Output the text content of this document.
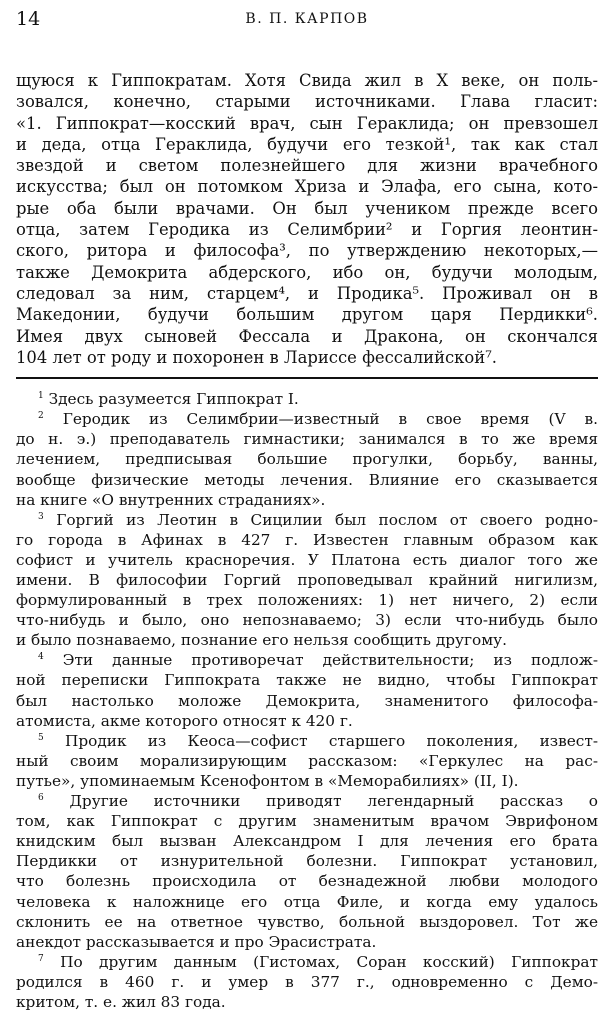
14	В. П. КАРПОВ
щуюся к Гиппократам. Хотя Свида жил в X веке, он поль-
зовался, конечно, старыми источниками. Глава гласит:
«1. Гиппократ—косский врач, сын Гераклида; он превзошел
и деда, отца Гераклида, будучи его тезкой¹, так как стал
звездой и светом полезнейшего для жизни врачебного
искусства; был он потомком Хриза и Элафа, его сына, кото-
рые оба были врачами. Он был учеником прежде всего
отца, затем Геродика из Селимбрии² и Горгия леонтин-
ского, ритора и философа³, по утверждению некоторых,—
также Демокрита абдерского, ибо он, будучи молодым,
следовал за ним, старцем⁴, и Продика⁵. Проживал он в
Македонии, будучи большим другом царя Пердикки⁶.
Имея двух сыновей Фессала и Дракона, он скончался
104 лет от роду и похоронен в Лариссе фессалийской⁷.
$^1$ Здесь разумеется Гиппократ I.
$^2$ Геродик из Селимбрии—известный в свое время (V в.
до н. э.) преподаватель гимнастики; занимался в то же время
лечением, предписывая большие прогулки, борьбу, ванны,
вообще физические методы лечения. Влияние его сказывается
на книге «О внутренних страданиях».
$^3$ Горгий из Леотин в Сицилии был послом от своего родно-
го города в Афинах в 427 г. Известен главным образом как
софист и учитель красноречия. У Платона есть диалог того же
имени. В философии Горгий проповедывал крайний нигилизм,
формулированный в трех положениях: 1) нет ничего, 2) если
что-нибудь и было, оно непознаваемо; 3) если что-нибудь было
и было познаваемо, познание его нельзя сообщить другому.
$^4$ Эти данные противоречат действительности; из подлож-
ной переписки Гиппократа также не видно, чтобы Гиппократ
был настолько моложе Демокрита, знаменитого философа-
атомиста, акме которого относят к 420 г.
$^5$ Продик из Кеоса—софист старшего поколения, извест-
ный своим морализирующим рассказом: «Геркулес на рас-
путье», упоминаемым Ксенофонтом в «Меморабилиях» (II, I).
$^6$ Другие источники приводят легендарный рассказ о
том, как Гиппократ с другим знаменитым врачом Эврифоном
книдским был вызван Александром I для лечения его брата
Пердикки от изнурительной болезни. Гиппократ установил,
что болезнь происходила от безнадежной любви молодого
человека к наложнице его отца Филе, и когда ему удалось
склонить ее на ответное чувство, больной выздоровел. Тот же
анекдот рассказывается и про Эрасистрата.
$^7$ По другим данным (Гистомах, Соран косский) Гиппократ
родился в 460 г. и умер в 377 г., одновременно с Демо-
критом, т. е. жил 83 года.
